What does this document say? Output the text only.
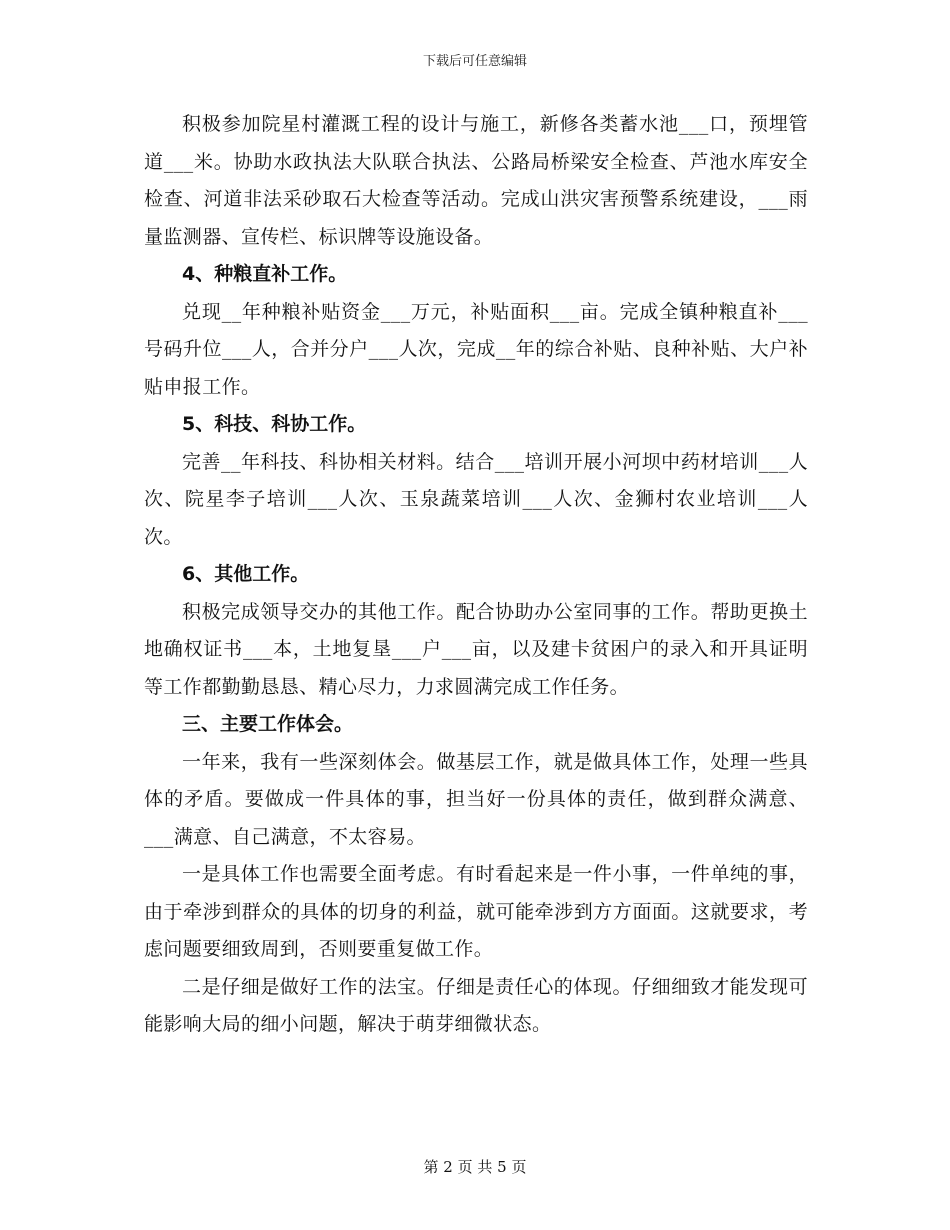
下载后可任意编辑

积极参加院星村灌溉工程的设计与施工，新修各类蓄水池___口，预埋管道___米。协助水政执法大队联合执法、公路局桥梁安全检查、芦池水库安全检查、河道非法采砂取石大检查等活动。完成山洪灾害预警系统建设，___雨量监测器、宣传栏、标识牌等设施设备。

4、种粮直补工作。

兑现__年种粮补贴资金___万元，补贴面积___亩。完成全镇种粮直补___号码升位___人，合并分户___人次，完成__年的综合补贴、良种补贴、大户补贴申报工作。

5、科技、科协工作。

完善__年科技、科协相关材料。结合___培训开展小河坝中药材培训___人次、院星李子培训___人次、玉泉蔬菜培训___人次、金狮村农业培训___人次。

6、其他工作。

积极完成领导交办的其他工作。配合协助办公室同事的工作。帮助更换土地确权证书___本，土地复垦___户___亩，以及建卡贫困户的录入和开具证明等工作都勤勤恳恳、精心尽力，力求圆满完成工作任务。

三、主要工作体会。

一年来，我有一些深刻体会。做基层工作，就是做具体工作，处理一些具体的矛盾。要做成一件具体的事，担当好一份具体的责任，做到群众满意、___满意、自己满意，不太容易。

一是具体工作也需要全面考虑。有时看起来是一件小事，一件单纯的事，由于牵涉到群众的具体的切身的利益，就可能牵涉到方方面面。这就要求，考虑问题要细致周到，否则要重复做工作。

二是仔细是做好工作的法宝。仔细是责任心的体现。仔细细致才能发现可能影响大局的细小问题，解决于萌芽细微状态。

第 2 页 共 5 页
